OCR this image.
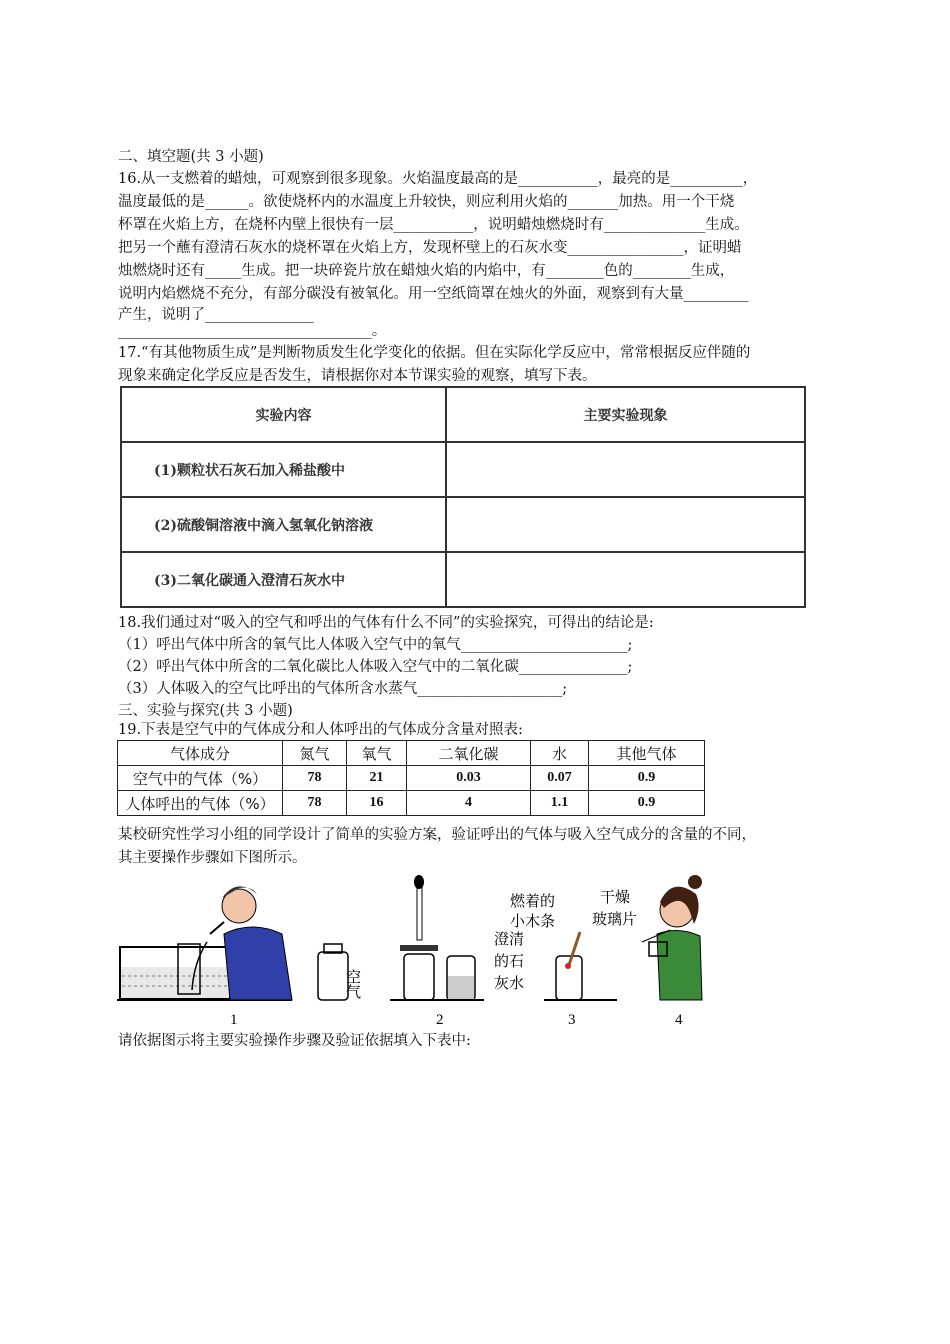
二、填空题(共 3 小题)
16.从一支燃着的蜡烛，可观察到很多现象。火焰温度最高的是___________，最亮的是__________，
温度最低的是______。欲使烧杯内的水温度上升较快，则应利用火焰的_______加热。用一个干烧
杯罩在火焰上方，在烧杯内壁上很快有一层___________，说明蜡烛燃烧时有______________生成。
把另一个蘸有澄清石灰水的烧杯罩在火焰上方，发现杯壁上的石灰水变________________，证明蜡
烛燃烧时还有_____生成。把一块碎瓷片放在蜡烛火焰的内焰中，有________色的________生成，
说明内焰燃烧不充分，有部分碳没有被氧化。用一空纸筒罩在烛火的外面，观察到有大量_________
产生，说明了_______________
___________________________________。
17.“有其他物质生成”是判断物质发生化学变化的依据。但在实际化学反应中，常常根据反应伴随的
现象来确定化学反应是否发生，请根据你对本节课实验的观察，填写下表。
实验内容	主要实验现象
(1)颗粒状石灰石加入稀盐酸中	
(2)硫酸铜溶液中滴入氢氧化钠溶液	
(3)二氧化碳通入澄清石灰水中	
18.我们通过对“吸入的空气和呼出的气体有什么不同”的实验探究，可得出的结论是:
（1）呼出气体中所含的氧气比人体吸入空气中的氧气_______________________;
（2）呼出气体中所含的二氧化碳比人体吸入空气中的二氧化碳_______________;
（3）人体吸入的空气比呼出的气体所含水蒸气____________________;
三、实验与探究(共 3 小题)
19.下表是空气中的气体成分和人体呼出的气体成分含量对照表:
气体成分	氮气	氧气	二氧化碳	水	其他气体
空气中的气体（%）	78	21	0.03	0.07	0.9
人体呼出的气体（%）	78	16	4	1.1	0.9
某校研究性学习小组的同学设计了简单的实验方案，验证呼出的气体与吸入空气成分的含量的不同，
其主要操作步骤如下图所示。
空气
1
澄清
的石
灰水
2
燃着的
小木条
3
干燥
玻璃片
4
请依据图示将主要实验操作步骤及验证依据填入下表中:
